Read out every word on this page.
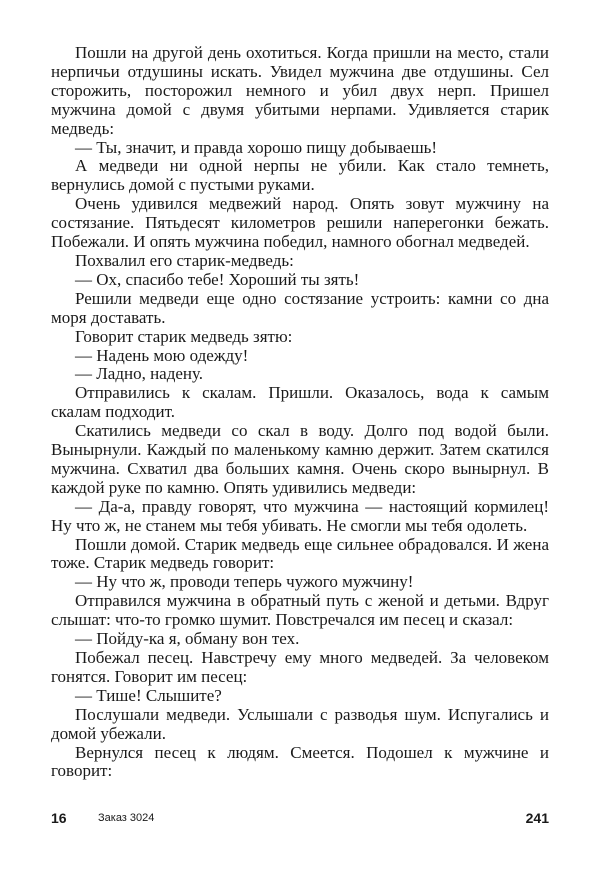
Пошли на другой день охотиться. Когда пришли на место, стали нерпичьи отдушины искать. Увидел мужчина две отдушины. Сел сторожить, посторожил немного и убил двух нерп. Пришел мужчина домой с двумя убитыми нерпами. Удивляется старик медведь:

— Ты, значит, и правда хорошо пищу добываешь!

А медведи ни одной нерпы не убили. Как стало темнеть, вернулись домой с пустыми руками.

Очень удивился медвежий народ. Опять зовут мужчину на состязание. Пятьдесят километров решили наперегонки бежать. Побежали. И опять мужчина победил, намного обогнал медведей.

Похвалил его старик-медведь:

— Ох, спасибо тебе! Хороший ты зять!

Решили медведи еще одно состязание устроить: камни со дна моря доставать.

Говорит старик медведь зятю:

— Надень мою одежду!

— Ладно, надену.

Отправились к скалам. Пришли. Оказалось, вода к самым скалам подходит.

Скатились медведи со скал в воду. Долго под водой были. Вынырнули. Каждый по маленькому камню держит. Затем скатился мужчина. Схватил два больших камня. Очень скоро вынырнул. В каждой руке по камню. Опять удивились медведи:

— Да-а, правду говорят, что мужчина — настоящий кормилец! Ну что ж, не станем мы тебя убивать. Не смогли мы тебя одолеть.

Пошли домой. Старик медведь еще сильнее обрадовался. И жена тоже. Старик медведь говорит:

— Ну что ж, проводи теперь чужого мужчину!

Отправился мужчина в обратный путь с женой и детьми. Вдруг слышат: что-то громко шумит. Повстречался им песец и сказал:

— Пойду-ка я, обману вон тех.

Побежал песец. Навстречу ему много медведей. За человеком гонятся. Говорит им песец:

— Тише! Слышите?

Послушали медведи. Услышали с разводья шум. Испугались и домой убежали.

Вернулся песец к людям. Смеется. Подошел к мужчине и говорит:

16	Заказ 3024	241
